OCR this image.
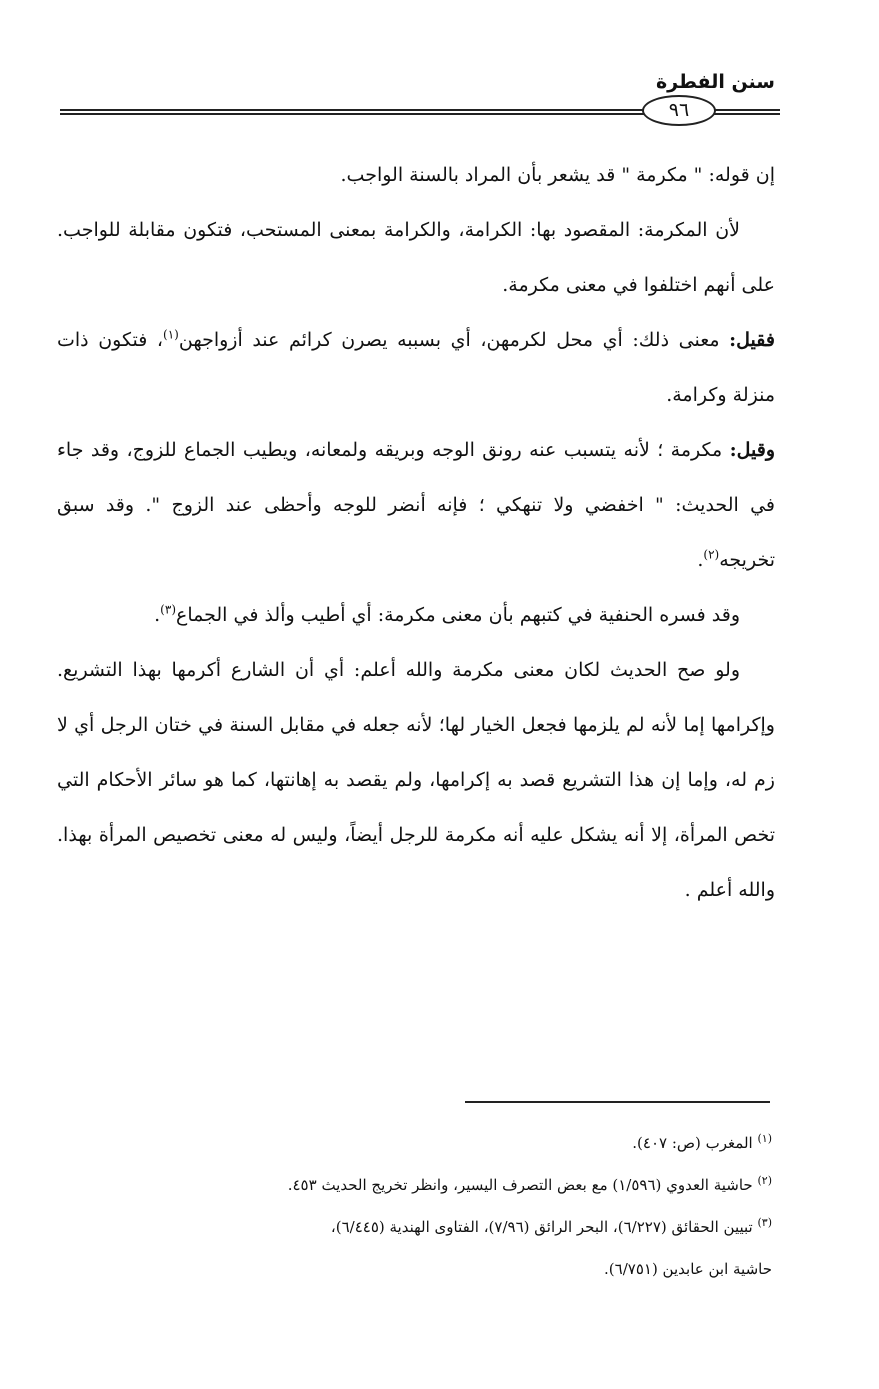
سنن الفطرة
٩٦

إن قوله: " مكرمة " قد يشعر بأن المراد بالسنة الواجب.

لأن المكرمة: المقصود بها: الكرامة، والكرامة بمعنى المستحب، فتكون مقابلة للواجب. على أنهم اختلفوا في معنى مكرمة.

فقيل: معنى ذلك: أي محل لكرمهن، أي بسببه يصرن كرائم عند أزواجهن$^{(١)}$، فتكون ذات منزلة وكرامة.

وقيل: مكرمة ؛ لأنه يتسبب عنه رونق الوجه وبريقه ولمعانه، ويطيب الجماع للزوج، وقد جاء في الحديث: " اخفضي ولا تنهكي ؛ فإنه أنضر للوجه وأحظى عند الزوج ". وقد سبق تخريجه$^{(٢)}$.

وقد فسره الحنفية في كتبهم بأن معنى مكرمة: أي أطيب وألذ في الجماع$^{(٣)}$.

ولو صح الحديث لكان معنى مكرمة والله أعلم: أي أن الشارع أكرمها بهذا التشريع. وإكرامها إما لأنه لم يلزمها فجعل الخيار لها؛ لأنه جعله في مقابل السنة في ختان الرجل أي لا زم له، وإما إن هذا التشريع قصد به إكرامها، ولم يقصد به إهانتها، كما هو سائر الأحكام التي تخص المرأة، إلا أنه يشكل عليه أنه مكرمة للرجل أيضاً، وليس له معنى تخصيص المرأة بهذا. والله أعلم .

$^{(١)}$ المغرب (ص: ٤٠٧).

$^{(٢)}$ حاشية العدوي (١/٥٩٦) مع بعض التصرف اليسير، وانظر تخريج الحديث ٤٥٣.

$^{(٣)}$ تبيين الحقائق (٦/٢٢٧)، البحر الرائق (٧/٩٦)، الفتاوى الهندية (٦/٤٤٥)،

حاشية ابن عابدين (٦/٧٥١).
